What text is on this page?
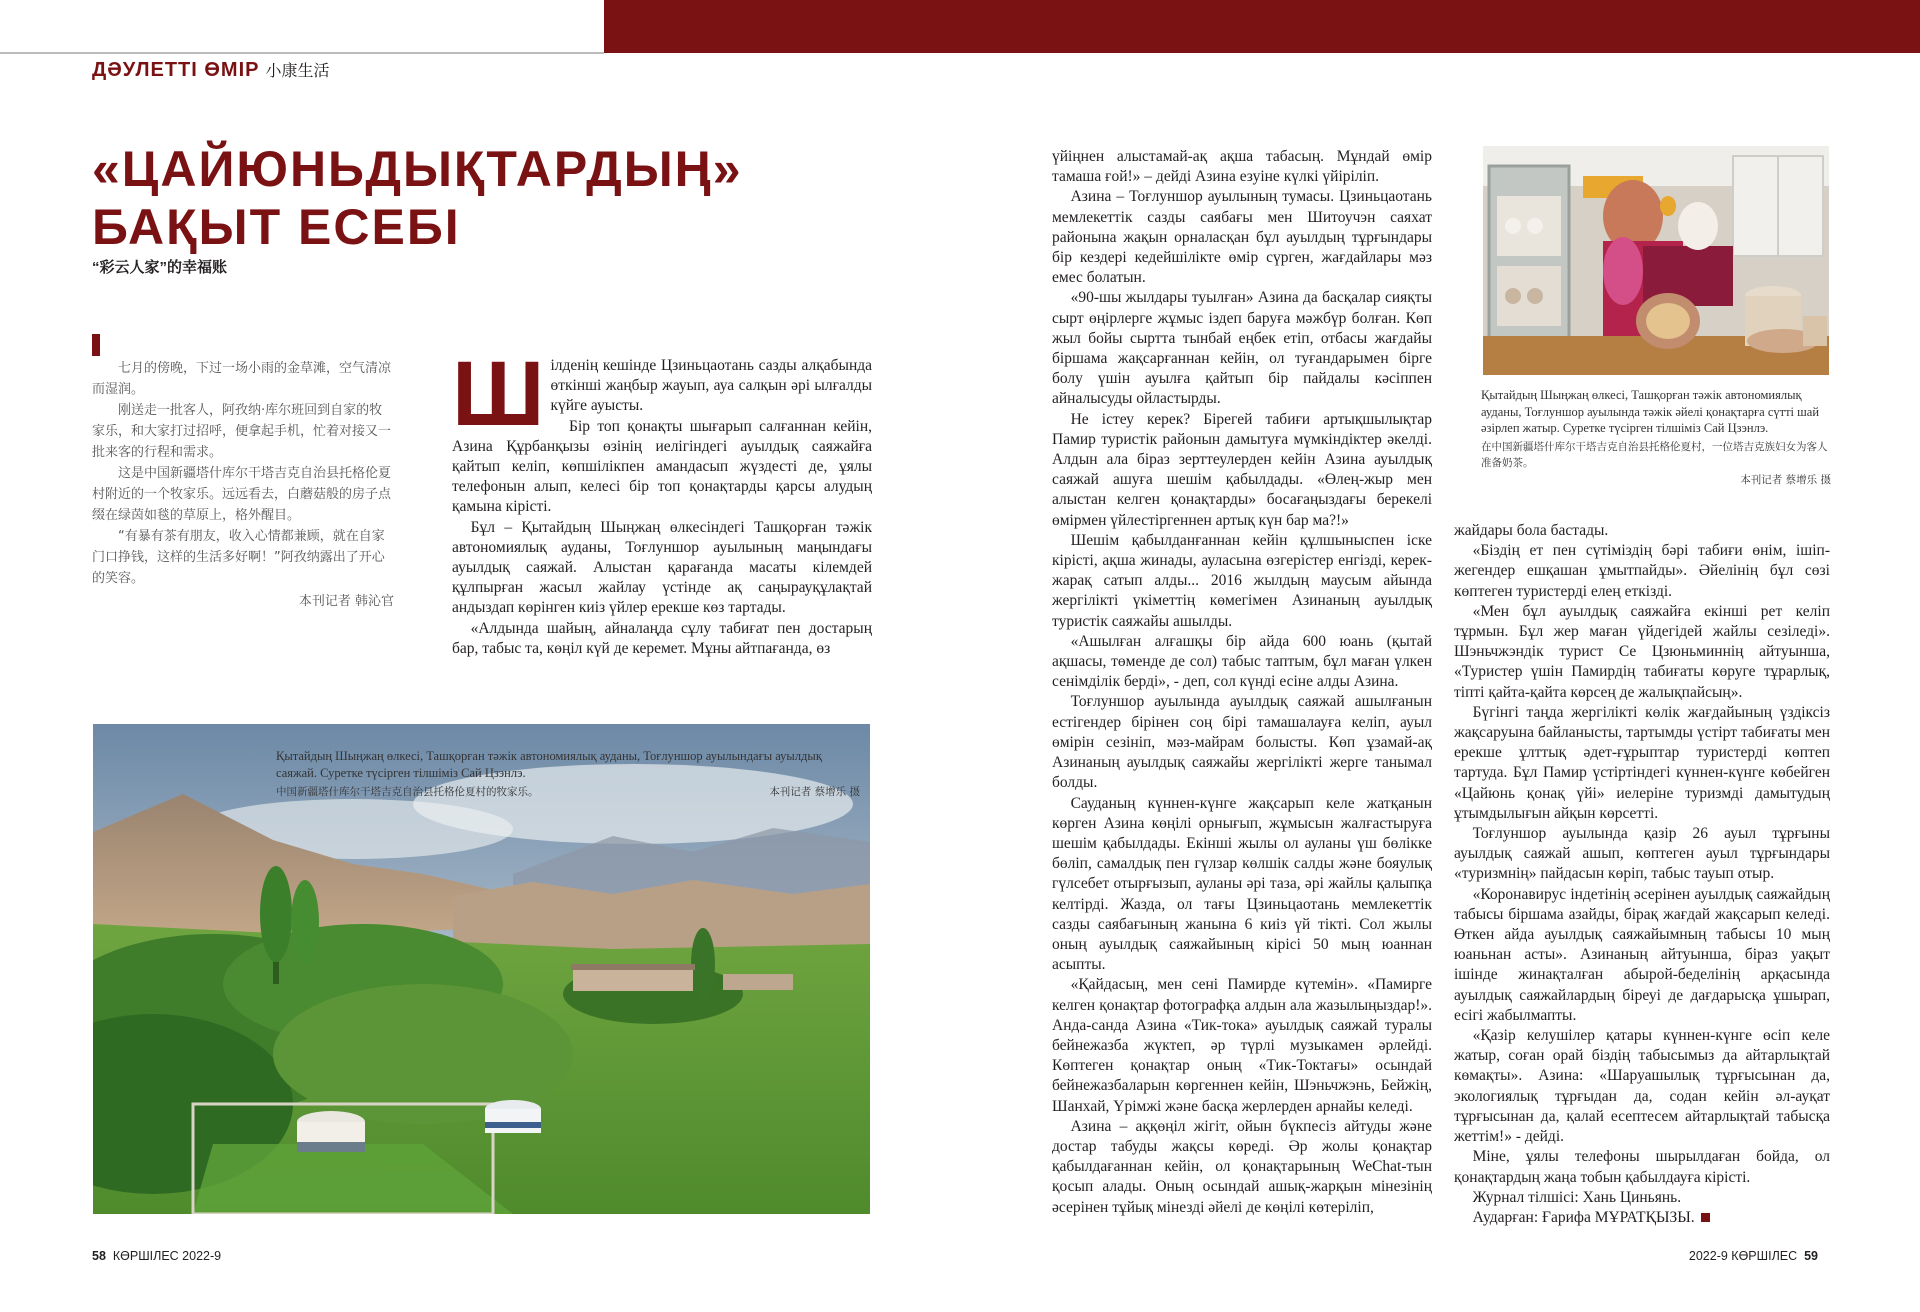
ДӘУЛЕТТІ ӨМІР 小康生活
«ЦАЙЮНЬДЫҚТАРДЫҢ» БАҚЫТ ЕСЕБІ
“彩云人家”的幸福账

七月的傍晚，下过一场小雨的金草滩，空气清凉而湿润。

刚送走一批客人，阿孜纳·库尔班回到自家的牧家乐，和大家打过招呼，便拿起手机，忙着对接又一批来客的行程和需求。

这是中国新疆塔什库尔干塔吉克自治县托格伦夏村附近的一个牧家乐。远远看去，白蘑菇般的房子点缀在绿茵如毯的草原上，格外醒目。

“有暴有茶有朋友，收入心情都兼顾，就在自家门口挣钱，这样的生活多好啊！”阿孜纳露出了开心的笑容。

本刊记者 韩沁官

Шілденің кешінде Цзиньцаотань сазды алқабында өткінші жаңбыр жауып, ауа салқын әрі ылғалды күйге ауысты.

Бір топ қонақты шығарып салғаннан кейін, Азина Құрбанқызы өзінің иелігіндегі ауылдық саяжайға қайтып келіп, көпшілікпен амандасып жүздесті де, ұялы телефонын алып, келесі бір топ қонақтарды қарсы алудың қамына кірісті.

Бұл – Қытайдың Шыңжаң өлкесіндегі Ташқорған тәжік автономиялық ауданы, Тоғлуншор ауылының маңындағы ауылдық саяжай. Алыстан қарағанда масаты кілемдей құлпырған жасыл жайлау үстінде ақ саңырауқұлақтай андыздап көрінген киіз үйлер ерекше көз тартады.

«Алдында шайың, айналаңда сұлу табиғат пен достарың бар, табыс та, көңіл күй де керемет. Мұны айтпағанда, өз

Қытайдың Шыңжаң өлкесі, Ташқорған тәжік автономиялық ауданы, Тоғлуншор ауылындағы ауылдық саяжай. Суретке түсірген тілшіміз Сай Цзэнлэ.
中国新疆塔什库尔干塔吉克自治县托格伦夏村的牧家乐。	本刊记者 蔡增乐 摄

үйіңнен алыстамай-ақ ақша табасың. Мұндай өмір тамаша ғой!» – дейді Азина езуіне күлкі үйіріліп.

Азина – Тоғлуншор ауылының тумасы. Цзиньцаотань мемлекеттік сазды саябағы мен Шитоучэн саяхат районына жақын орналасқан бұл ауылдың тұрғындары бір кездері кедейшілікте өмір сүрген, жағдайлары мәз емес болатын.

«90-шы жылдары туылған» Азина да басқалар сияқты сырт өңірлерге жұмыс іздеп баруға мәжбүр болған. Көп жыл бойы сыртта тынбай еңбек етіп, отбасы жағдайы біршама жақсарғаннан кейін, ол туғандарымен бірге болу үшін ауылға қайтып бір пайдалы кәсіппен айналысуды ойластырды.

Не істеу керек? Бірегей табиғи артықшылықтар Памир туристік районын дамытуға мүмкіндіктер әкелді. Алдын ала біраз зерттеулерден кейін Азина ауылдық саяжай ашуға шешім қабылдады. «Өлең-жыр мен алыстан келген қонақтарды» босағаңыздағы берекелі өмірмен үйлестіргеннен артық күн бар ма?!»

Шешім қабылданғаннан кейін құлшыныспен іске кірісті, ақша жинады, ауласына өзгерістер енгізді, керек-жарақ сатып алды... 2016 жылдың маусым айында жергілікті үкіметтің көмегімен Азинаның ауылдық туристік саяжайы ашылды.

«Ашылған алғашқы бір айда 600 юань (қытай ақшасы, төменде де сол) табыс таптым, бұл маған үлкен сенімділік берді», - деп, сол күнді есіне алды Азина.

Тоғлуншор ауылында ауылдық саяжай ашылғанын естігендер бірінен соң бірі тамашалауға келіп, ауыл өмірін сезініп, мәз-майрам болысты. Көп ұзамай-ақ Азинаның ауылдық саяжайы жергілікті жерге танымал болды.

Сауданың күннен-күнге жақсарып келе жатқанын көрген Азина көңілі орнығып, жұмысын жалғастыруға шешім қабылдады. Екінші жылы ол ауланы үш бөлікке бөліп, самалдық пен гүлзар көлшік салды және бояулық гүлсебет отырғызып, ауланы әрі таза, әрі жайлы қалыпқа келтірді. Жазда, ол тағы Цзиньцаотань мемлекеттік сазды саябағының жанына 6 киіз үй тікті. Сол жылы оның ауылдық саяжайының кірісі 50 мың юаннан асыпты.

«Қайдасың, мен сені Памирде күтемін». «Памирге келген қонақтар фотографқа алдын ала жазылыңыздар!». Анда-санда Азина «Тик-тока» ауылдық саяжай туралы бейнежазба жүктеп, әр түрлі музыкамен әрлейді. Көптеген қонақтар оның «Тик-Токтағы» осындай бейнежазбаларын көргеннен кейін, Шэньчжэнь, Бейжің, Шанхай, Үрімжі және басқа жерлерден арнайы келеді.

Азина – аққөңіл жігіт, ойын бүкпесіз айтуды және достар табуды жақсы көреді. Әр жолы қонақтар қабылдағаннан кейін, ол қонақтарының WeChat-тын қосып алады. Оның осындай ашық-жарқын мінезінің әсерінен тұйық мінезді әйелі де көңілі көтеріліп,

Қытайдың Шыңжаң өлкесі, Ташқорған тәжік автономиялық ауданы, Тоғлуншор ауылында тәжік әйелі қонақтарға сүтті шай әзірлеп жатыр. Суретке түсірген тілшіміз Сай Цзэнлэ.
在中国新疆塔什库尔干塔吉克自治县托格伦夏村，一位塔吉克族妇女为客人准备奶茶。
本刊记者 蔡增乐 摄

жайдары бола бастады.

«Біздің ет пен сүтіміздің бәрі табиғи өнім, ішіп-жегендер ешқашан ұмытпайды». Әйелінің бұл сөзі көптеген туристерді елең еткізді.

«Мен бұл ауылдық саяжайға екінші рет келіп тұрмын. Бұл жер маған үйдегідей жайлы сезіледі». Шэньчжэндік турист Се Цзюньминнің айтуынша, «Туристер үшін Памирдің табиғаты көруге тұрарлық, тіпті қайта-қайта көрсең де жалықпайсың».

Бүгінгі таңда жергілікті көлік жағдайының үздіксіз жақсаруына байланысты, тартымды үстірт табиғаты мен ерекше ұлттық әдет-ғұрыптар туристерді көптеп тартуда. Бұл Памир үстіртіндегі күннен-күнге көбейген «Цайюнь қонақ үйі» иелеріне туризмді дамытудың ұтымдылығын айқын көрсетті.

Тоғлуншор ауылында қазір 26 ауыл тұрғыны ауылдық саяжай ашып, көптеген ауыл тұрғындары «туризмнің» пайдасын көріп, табыс тауып отыр.

«Коронавирус індетінің әсерінен ауылдық саяжайдың табысы біршама азайды, бірақ жағдай жақсарып келеді. Өткен айда ауылдық саяжайымның табысы 10 мың юаньнан асты». Азинаның айтуынша, біраз уақыт ішінде жинақталған абырой-беделінің арқасында ауылдық саяжайлардың біреуі де дағдарысқа ұшырап, есігі жабылмапты.

«Қазір келушілер қатары күннен-күнге өсіп келе жатыр, соған орай біздің табысымыз да айтарлықтай көмақты». Азина: «Шаруашылық тұрғысынан да, экологиялық тұрғыдан да, содан кейін әл-ауқат тұрғысынан да, қалай есептесем айтарлықтай табысқа жеттім!» - дейді.

Міне, ұялы телефоны шырылдаған бойда, ол қонақтардың жаңа тобын қабылдауға кірісті.

Журнал тілшісі: Хань Циньянь.

Аударған: Ғарифа МҰРАТҚЫЗЫ.

58 КӨРШІЛЕС 2022-9	2022-9 КӨРШІЛЕС 59
